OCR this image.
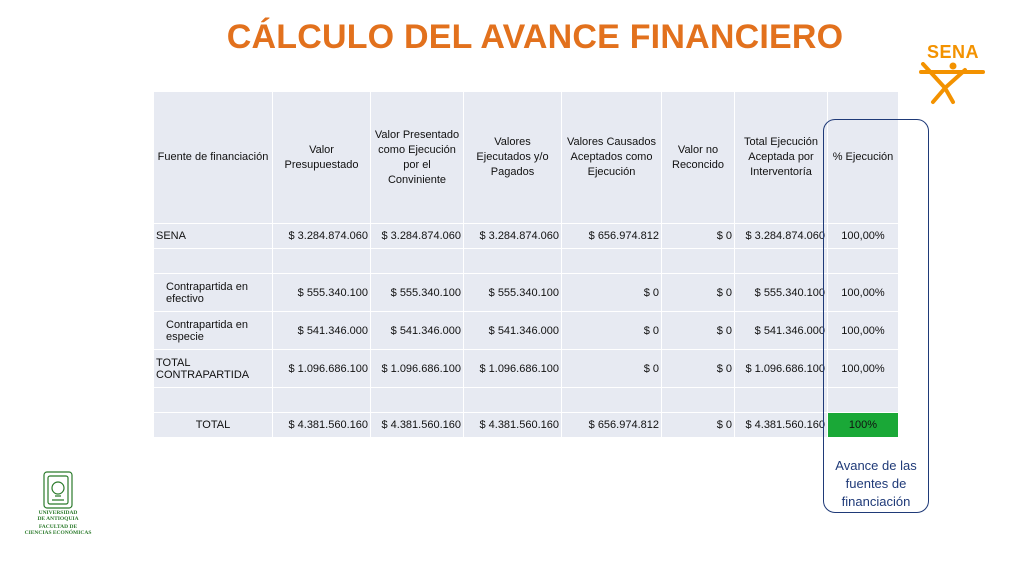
CÁLCULO DEL AVANCE FINANCIERO	SENA
UNIVERSIDAD
DE ANTIOQUIA
FACULTAD DE
CIENCIAS ECONÓMICAS
Fuente de financiación	Valor Presupuestado	Valor Presentado como Ejecución por el Conviniente	Valores Ejecutados y/o Pagados	Valores Causados Aceptados como Ejecución	Valor no Reconcido	Total Ejecución Aceptada por Interventoría	% Ejecución
SENA	$ 3.284.874.060	$ 3.284.874.060	$ 3.284.874.060	$ 656.974.812	$ 0	$ 3.284.874.060	100,00%

Contrapartida en efectivo	$ 555.340.100	$ 555.340.100	$ 555.340.100	$ 0	$ 0	$ 555.340.100	100,00%
Contrapartida en especie	$ 541.346.000	$ 541.346.000	$ 541.346.000	$ 0	$ 0	$ 541.346.000	100,00%
TOTAL CONTRAPARTIDA	$ 1.096.686.100	$ 1.096.686.100	$ 1.096.686.100	$ 0	$ 0	$ 1.096.686.100	100,00%

TOTAL	$ 4.381.560.160	$ 4.381.560.160	$ 4.381.560.160	$ 656.974.812	$ 0	$ 4.381.560.160	100%
Avance de las fuentes de financiación
